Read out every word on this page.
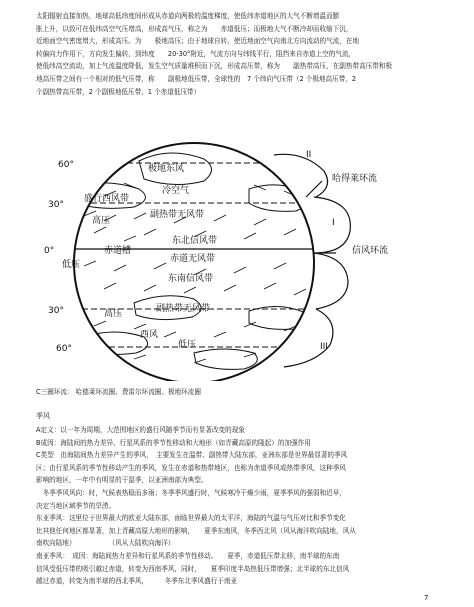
太阳辐射直接加热，地球高低纬度间形成从赤道向两极的温度梯度，使低纬赤道地区的大气不断增温而膨

胀上升，以致可在低纬高空气压增高，形成高气压，称之为　　赤道低压；而极地大气不断冷却而收缩下沉，

近地面空气密度增大，形成高压。为　　极地高压；由于地球自转，使近地面空气向南北方向流动的气流，在地

转偏向力作用下，方向发生偏转，到纬度　　20-30°附近，气流方向与纬线平行，阻挡来自赤道上空的气流，

使低纬高空流动，加上气流温度降低，发生空气质量堆积而下沉，形成高压带，称为　　副热带高压，在副热带高压带和极

地高压带之间有一个相对的低气压带，称　　副极地低压带，全球性的　7 个纬向气压带（2 个极地高压带，2

个副热带高压带，2 个副极地低压带，1 个赤道低压带）

60°
30°
0°
30°
60°
极地东风
盛行西风带
冷空气
高压
副热带无风带
东北信风带
赤道槽
低压
赤道无风带
东南信风带
副热带无风带
高压
低压
西风
哈得莱环流
信风环流
I
II
III
C三圈环流： 哈德莱环流圈、费雷尔环流圈、极地环流圈
季风

A定义：以一年为周期，大范围地区的盛行风随季节而有显著改变的现象

B成因：海陆间的热力差异、行星风系的季节性移动和大地形（如青藏高原的隆起）的加强作用

C类型　由海陆间热力差异产生的季风，　主要发生在温带、副热带大陆东部，亚洲东部是世界最显著的季风

区；由行星风系的季节性移动产生的季风，发生在赤道和热带地区，也称为赤道季风或热带季风，这种季风

影响的地区，一年中有明显的干湿季，以亚洲南部为典型。

　冬季季风风向：时，气候表热稳而多雨；冬季季风盛行时，气候寒冷干燥少雨，夏季季风的强弱和迟早，

决定当地区域季节的旱涝。

东亚季风：这里位于世界最大的欧亚大陆东部，面临世界最大的太平洋，海陆的气温与气压对比和季节变化

比其他任何地区都显著，加上青藏高原大地形的影响，　　夏季东南风，冬季西北风（风从海洋吹向陆地，风从

南吹向陆地）　　　　　　（风从大陆吹向海洋）

南亚季风：　成因：海陆间热力差异和行星风系的季节性移动。　　夏季，赤道低压带北移，南半球的东南

信风受低压带的吸引越过赤道，转变为西南季风，同时，　　夏季印度半岛热低压带增强；北半球的东北信风

越过赤道，转变为南半球的西北季风，　　　冬季东北季风盛行于南亚

7
